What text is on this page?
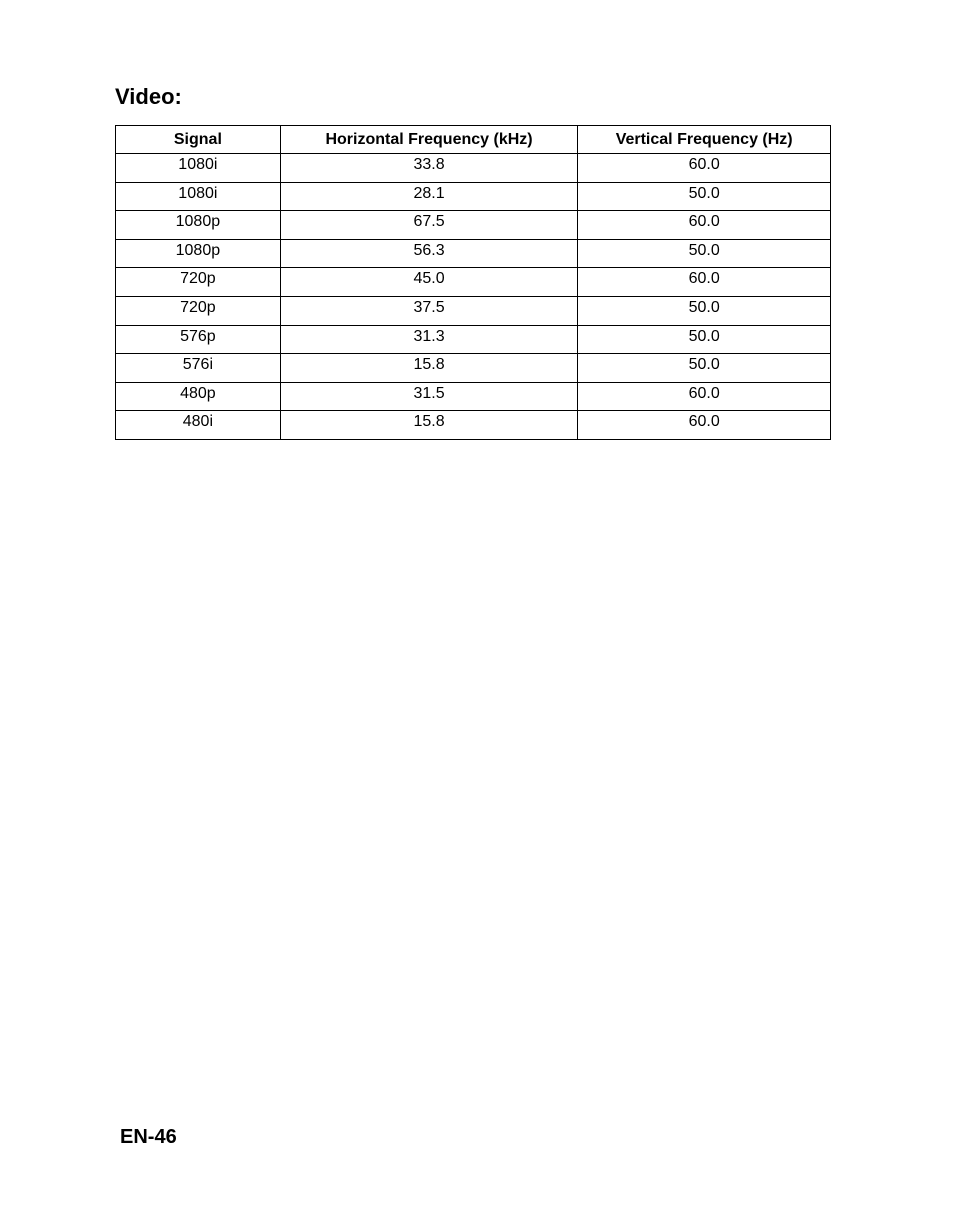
Video:
Signal	Horizontal Frequency (kHz)	Vertical Frequency (Hz)
1080i	33.8	60.0
1080i	28.1	50.0
1080p	67.5	60.0
1080p	56.3	50.0
720p	45.0	60.0
720p	37.5	50.0
576p	31.3	50.0
576i	15.8	50.0
480p	31.5	60.0
480i	15.8	60.0
EN-46
